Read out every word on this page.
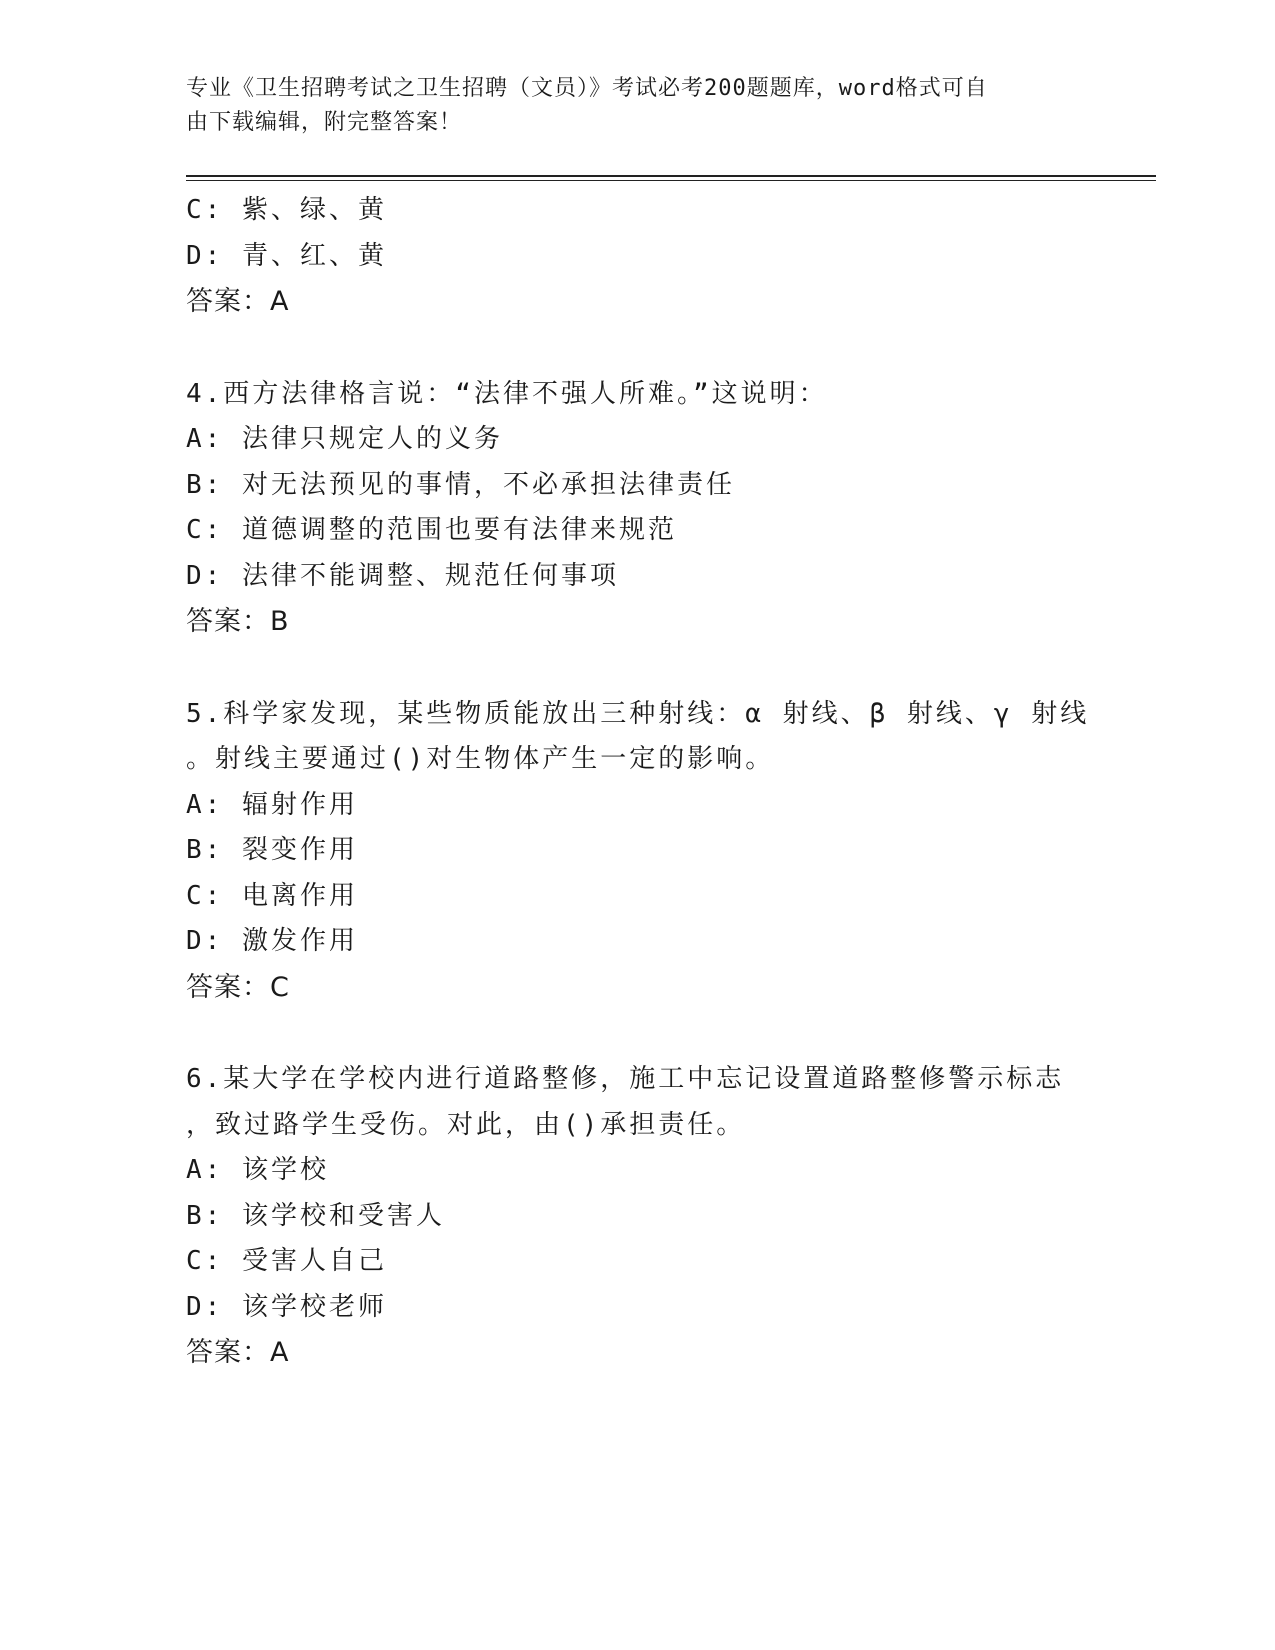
专业《卫生招聘考试之卫生招聘（文员）》考试必考200题题库，word格式可自
由下载编辑，附完整答案！
C: 紫、绿、黄
D: 青、红、黄
答案：A
4.西方法律格言说：“法律不强人所难。”这说明：
A: 法律只规定人的义务
B: 对无法预见的事情，不必承担法律责任
C: 道德调整的范围也要有法律来规范
D: 法律不能调整、规范任何事项
答案：B
5.科学家发现，某些物质能放出三种射线：α 射线、β 射线、γ 射线
。射线主要通过()对生物体产生一定的影响。
A: 辐射作用
B: 裂变作用
C: 电离作用
D: 激发作用
答案：C
6.某大学在学校内进行道路整修，施工中忘记设置道路整修警示标志
，致过路学生受伤。对此，由()承担责任。
A: 该学校
B: 该学校和受害人
C: 受害人自己
D: 该学校老师
答案：A
